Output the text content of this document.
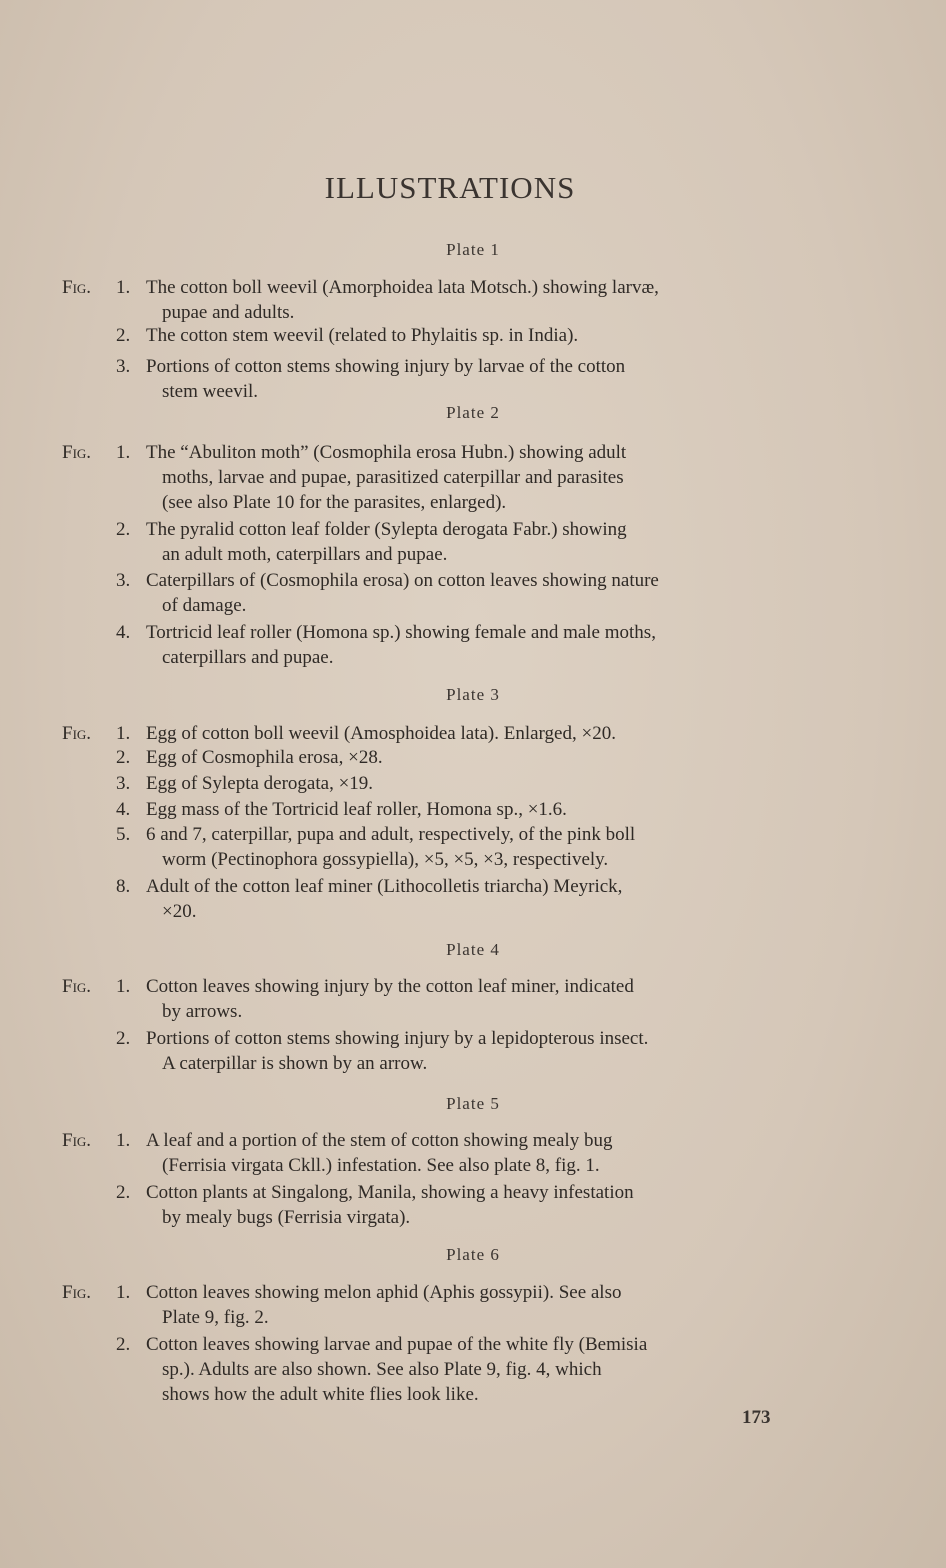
ILLUSTRATIONS
Plate 1
Fig. 1. The cotton boll weevil (Amorphoidea lata Motsch.) showing larvæ,
pupae and adults.
2. The cotton stem weevil (related to Phylaitis sp. in India).
3. Portions of cotton stems showing injury by larvae of the cotton
stem weevil.
Plate 2
Fig. 1. The “Abuliton moth” (Cosmophila erosa Hubn.) showing adult
moths, larvae and pupae, parasitized caterpillar and parasites
(see also Plate 10 for the parasites, enlarged).
2. The pyralid cotton leaf folder (Sylepta derogata Fabr.) showing
an adult moth, caterpillars and pupae.
3. Caterpillars of (Cosmophila erosa) on cotton leaves showing nature
of damage.
4. Tortricid leaf roller (Homona sp.) showing female and male moths,
caterpillars and pupae.
Plate 3
Fig. 1. Egg of cotton boll weevil (Amosphoidea lata). Enlarged, ×20.
2. Egg of Cosmophila erosa, ×28.
3. Egg of Sylepta derogata, ×19.
4. Egg mass of the Tortricid leaf roller, Homona sp., ×1.6.
5. 6 and 7, caterpillar, pupa and adult, respectively, of the pink boll
worm (Pectinophora gossypiella), ×5, ×5, ×3, respectively.
8. Adult of the cotton leaf miner (Lithocolletis triarcha) Meyrick,
×20.
Plate 4
Fig. 1. Cotton leaves showing injury by the cotton leaf miner, indicated
by arrows.
2. Portions of cotton stems showing injury by a lepidopterous insect.
A caterpillar is shown by an arrow.
Plate 5
Fig. 1. A leaf and a portion of the stem of cotton showing mealy bug
(Ferrisia virgata Ckll.) infestation. See also plate 8, fig. 1.
2. Cotton plants at Singalong, Manila, showing a heavy infestation
by mealy bugs (Ferrisia virgata).
Plate 6
Fig. 1. Cotton leaves showing melon aphid (Aphis gossypii). See also
Plate 9, fig. 2.
2. Cotton leaves showing larvae and pupae of the white fly (Bemisia
sp.). Adults are also shown. See also Plate 9, fig. 4, which
shows how the adult white flies look like.
173
